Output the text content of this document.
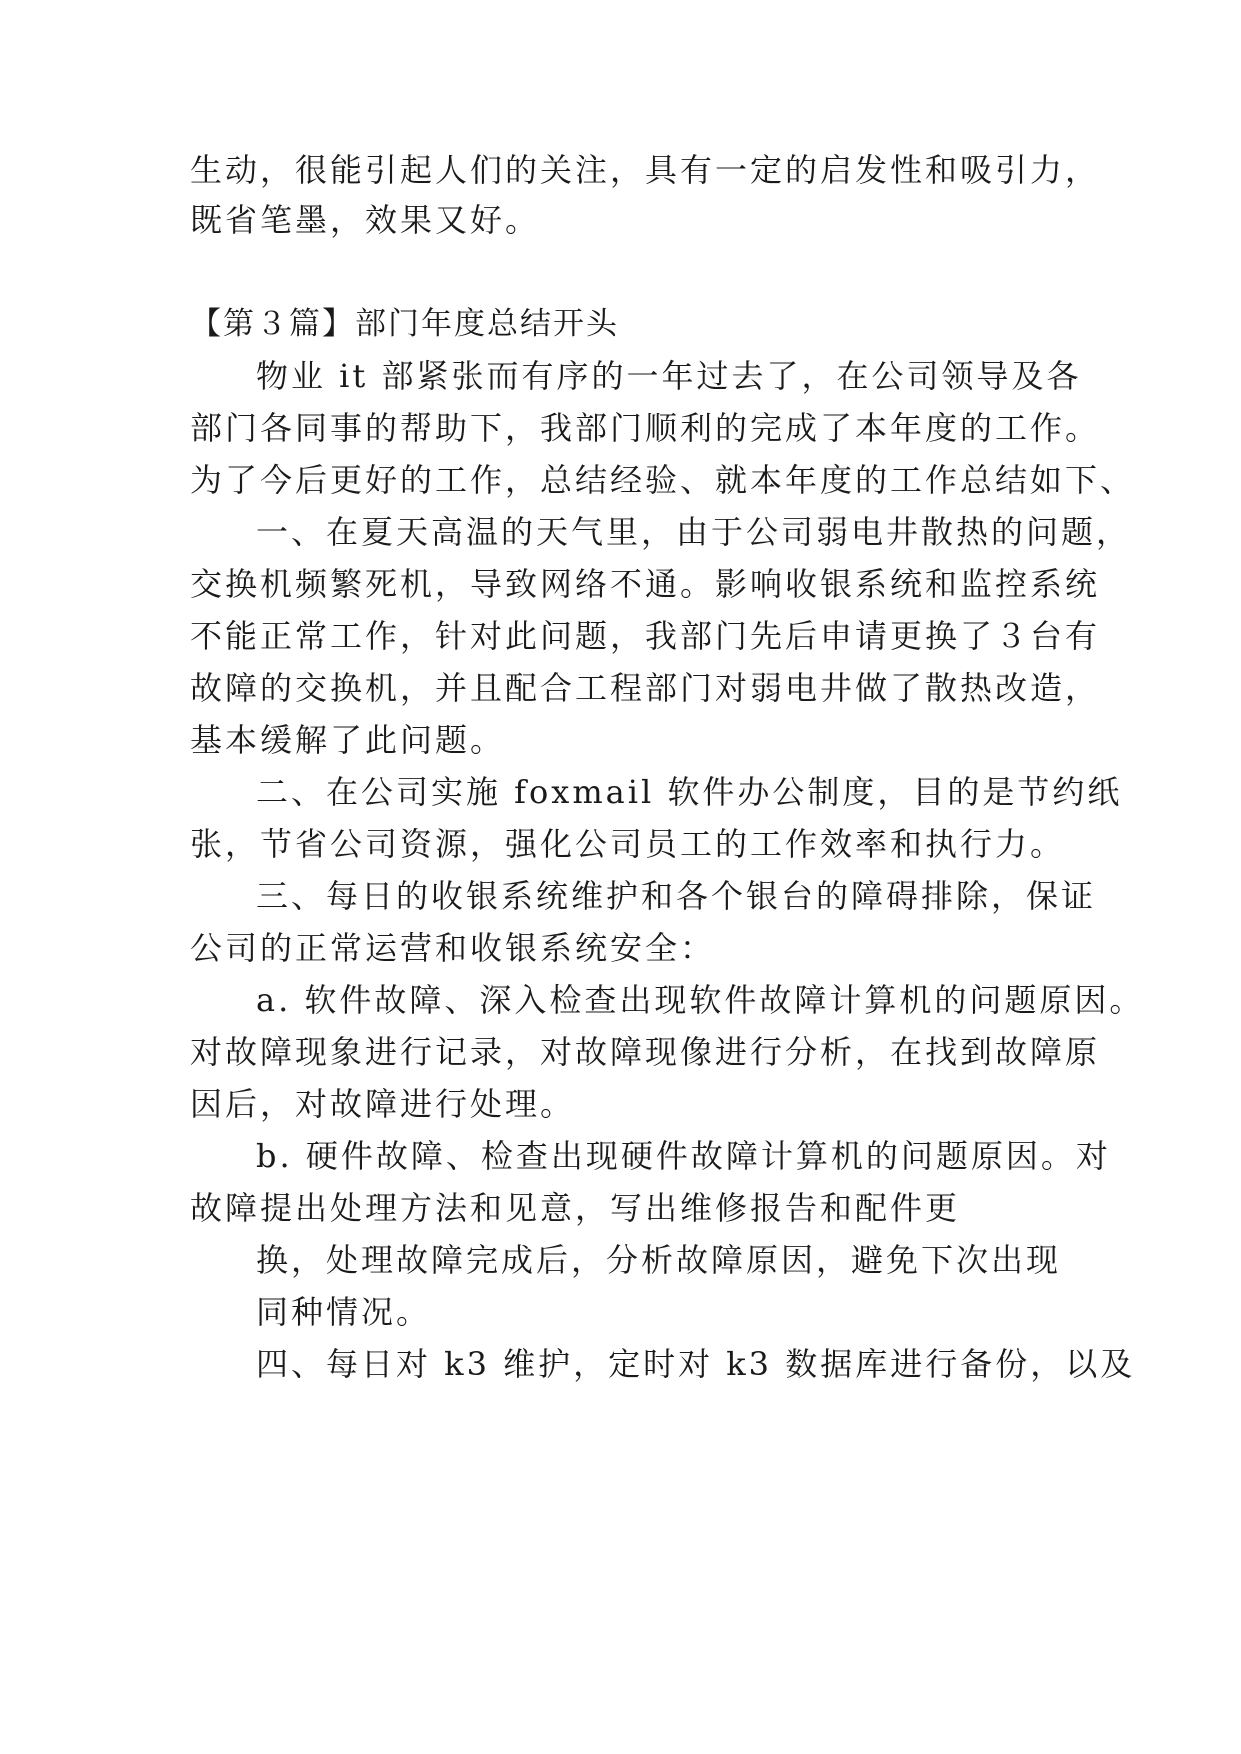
生动，很能引起人们的关注，具有一定的启发性和吸引力，
既省笔墨，效果又好。
【第３篇】部门年度总结开头
物业 it 部紧张而有序的一年过去了，在公司领导及各
部门各同事的帮助下，我部门顺利的完成了本年度的工作。
为了今后更好的工作，总结经验、就本年度的工作总结如下、
一、在夏天高温的天气里，由于公司弱电井散热的问题，
交换机频繁死机，导致网络不通。影响收银系统和监控系统
不能正常工作，针对此问题，我部门先后申请更换了３台有
故障的交换机，并且配合工程部门对弱电井做了散热改造，
基本缓解了此问题。
二、在公司实施 foxmail 软件办公制度，目的是节约纸
张，节省公司资源，强化公司员工的工作效率和执行力。
三、每日的收银系统维护和各个银台的障碍排除，保证
公司的正常运营和收银系统安全：
a. 软件故障、深入检查出现软件故障计算机的问题原因。
对故障现象进行记录，对故障现像进行分析，在找到故障原
因后，对故障进行处理。
b. 硬件故障、检查出现硬件故障计算机的问题原因。对
故障提出处理方法和见意，写出维修报告和配件更
换，处理故障完成后，分析故障原因，避免下次出现
同种情况。
四、每日对 k3 维护，定时对 k3 数据库进行备份，以及
